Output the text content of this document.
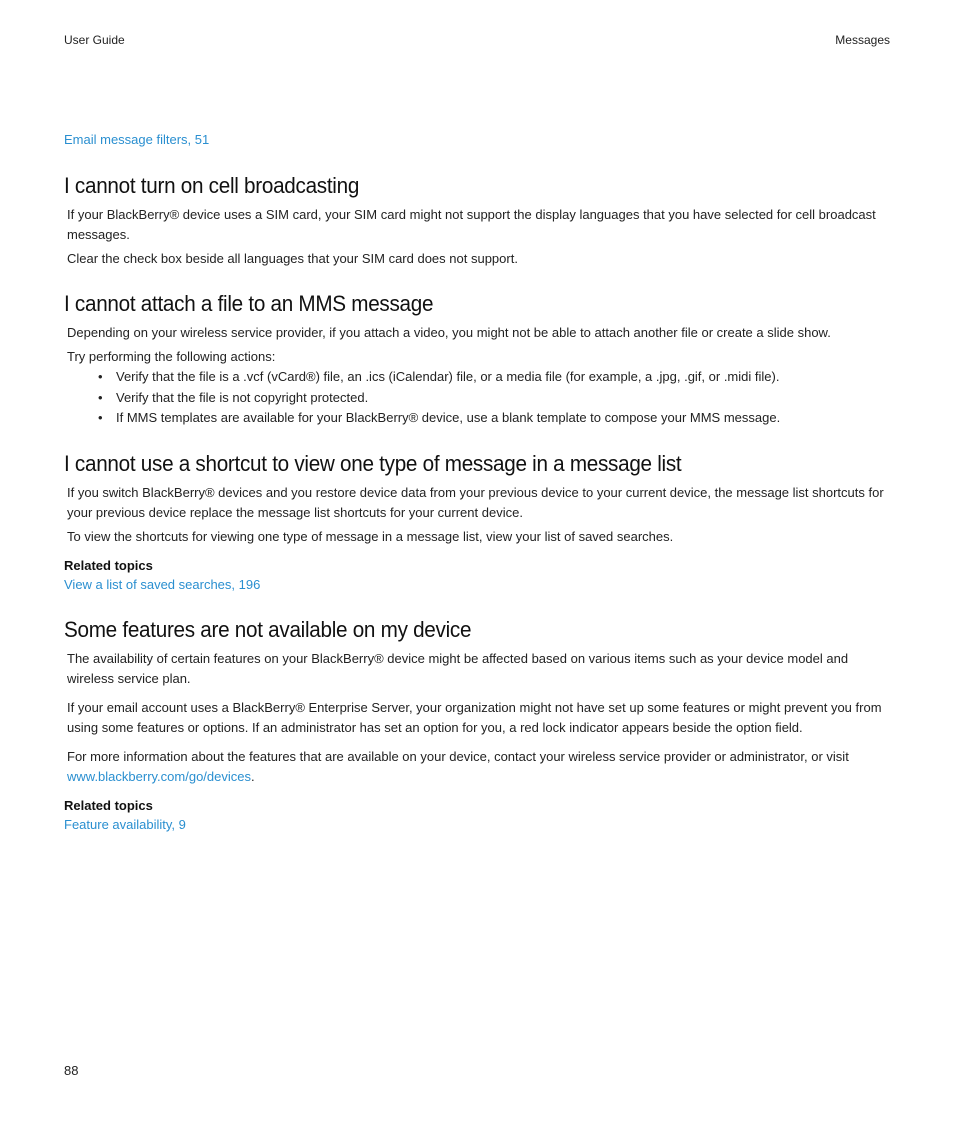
User Guide	Messages

Email message filters, 51

I cannot turn on cell broadcasting

If your BlackBerry® device uses a SIM card, your SIM card might not support the display languages that you have selected for cell broadcast messages.

Clear the check box beside all languages that your SIM card does not support.

I cannot attach a file to an MMS message

Depending on your wireless service provider, if you attach a video, you might not be able to attach another file or create a slide show.

Try performing the following actions:

• Verify that the file is a .vcf (vCard®) file, an .ics (iCalendar) file, or a media file (for example, a .jpg, .gif, or .midi file).
• Verify that the file is not copyright protected.
• If MMS templates are available for your BlackBerry® device, use a blank template to compose your MMS message.
I cannot use a shortcut to view one type of message in a message list

If you switch BlackBerry® devices and you restore device data from your previous device to your current device, the message list shortcuts for your previous device replace the message list shortcuts for your current device.

To view the shortcuts for viewing one type of message in a message list, view your list of saved searches.

Related topics

View a list of saved searches, 196

Some features are not available on my device

The availability of certain features on your BlackBerry® device might be affected based on various items such as your device model and wireless service plan.

If your email account uses a BlackBerry® Enterprise Server, your organization might not have set up some features or might prevent you from using some features or options. If an administrator has set an option for you, a red lock indicator appears beside the option field.

For more information about the features that are available on your device, contact your wireless service provider or administrator, or visit www.blackberry.com/go/devices.

Related topics

Feature availability, 9

88
